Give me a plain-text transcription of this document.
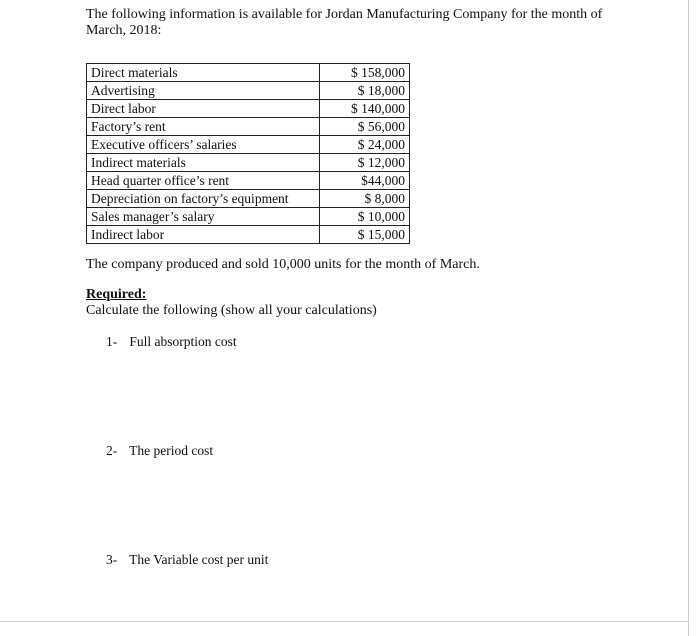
The following information is available for Jordan Manufacturing Company for the month of
March, 2018:
Direct materials	$ 158,000
Advertising	$ 18,000
Direct labor	$ 140,000
Factory’s rent	$ 56,000
Executive officers’ salaries	$ 24,000
Indirect materials	$ 12,000
Head quarter office’s rent	$44,000
Depreciation on factory’s equipment	$ 8,000
Sales manager’s salary	$ 10,000
Indirect labor	$ 15,000
The company produced and sold 10,000 units for the month of March.
Required:
Calculate the following (show all your calculations)
1- Full absorption cost
2- The period cost
3- The Variable cost per unit
